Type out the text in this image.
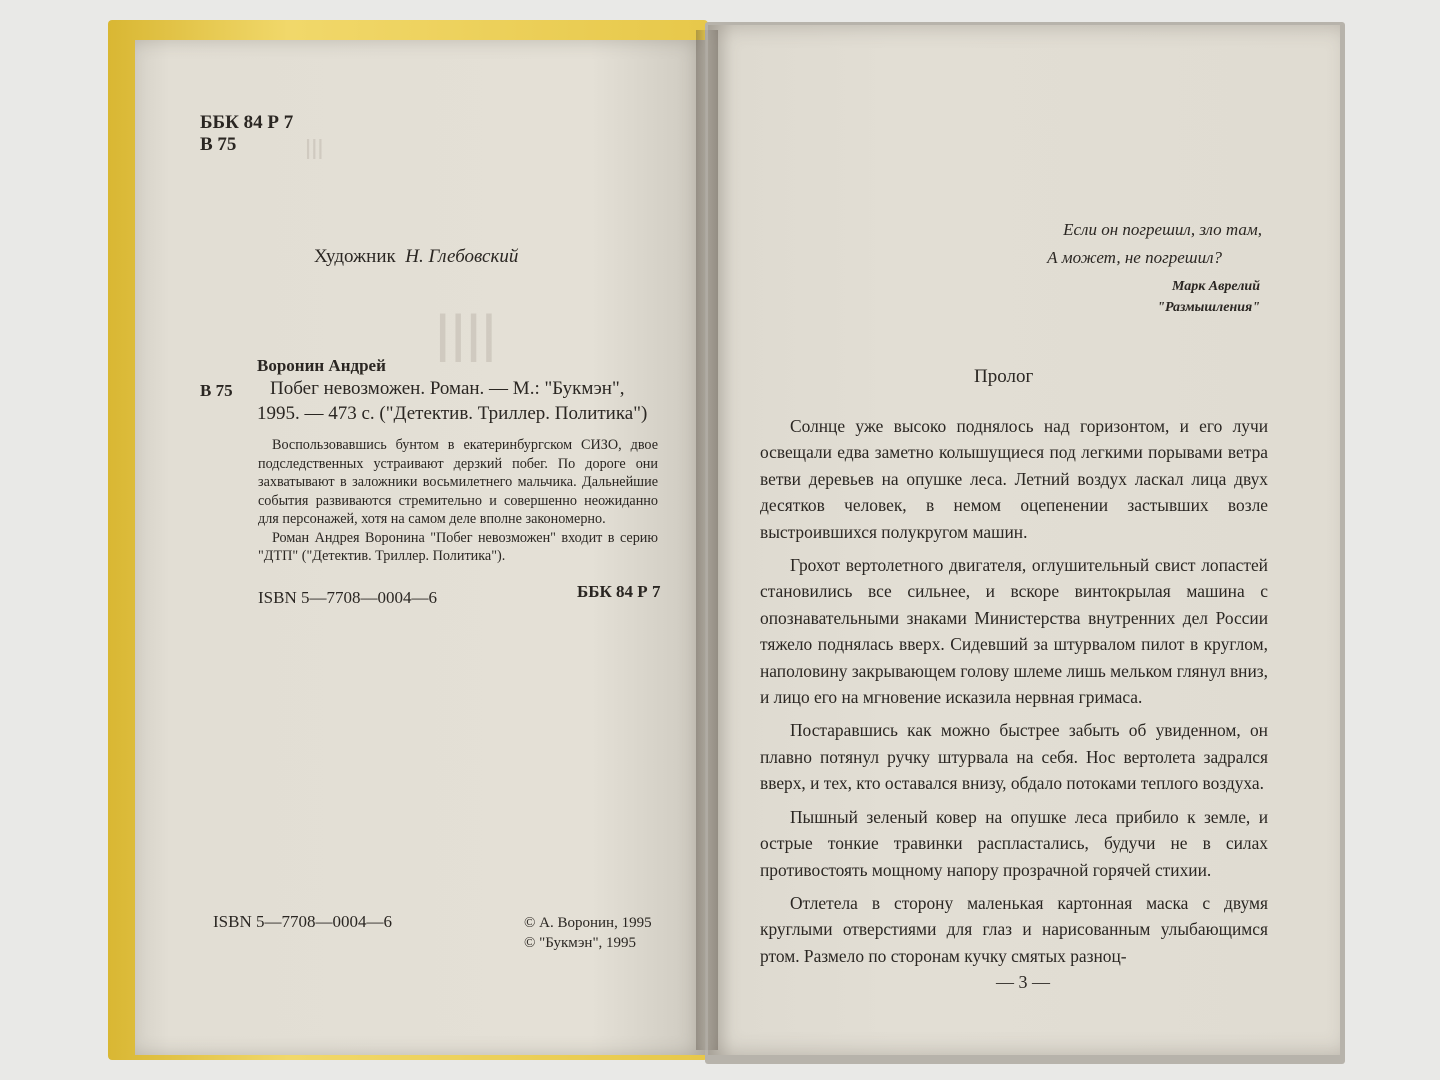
ǀǀǀ
ǀǀǀǀ
ББК 84 Р 7
В 75
Художник Н. Глебовский
Воронин Андрей
В 75 Побег невозможен. Роман. — М.: "Букмэн",
1995. — 473 с. ("Детектив. Триллер. Политика")

Воспользовавшись бунтом в екатеринбургском СИЗО, двое подследственных устраивают дерзкий побег. По дороге они захватывают в заложники восьмилетнего мальчика. Дальнейшие события развиваются стремительно и совершенно неожиданно для персонажей, хотя на самом деле вполне закономерно.

Роман Андрея Воронина "Побег невозможен" входит в серию "ДТП" ("Детектив. Триллер. Политика").

ISBN 5—7708—0004—6	ББК 84 Р 7
ISBN 5—7708—0004—6	© А. Воронин, 1995
© "Букмэн", 1995
Если он погрешил, зло там,
А может, не погрешил?
Марк Аврелий
"Размышления"
Пролог

Солнце уже высоко поднялось над горизонтом, и его лучи освещали едва заметно колышущиеся под легкими порывами ветра ветви деревьев на опушке леса. Летний воздух ласкал лица двух десятков человек, в немом оцепенении застывших возле выстроившихся полукругом машин.

Грохот вертолетного двигателя, оглушительный свист лопастей становились все сильнее, и вскоре винтокрылая машина с опознавательными знаками Министерства внутренних дел России тяжело поднялась вверх. Сидевший за штурвалом пилот в круглом, наполовину закрывающем голову шлеме лишь мельком глянул вниз, и лицо его на мгновение исказила нервная гримаса.

Постаравшись как можно быстрее забыть об увиденном, он плавно потянул ручку штурвала на себя. Нос вертолета задрался вверх, и тех, кто оставался внизу, обдало потоками теплого воздуха.

Пышный зеленый ковер на опушке леса прибило к земле, и острые тонкие травинки распластались, будучи не в силах противостоять мощному напору прозрачной горячей стихии.

Отлетела в сторону маленькая картонная маска с двумя круглыми отверстиями для глаз и нарисованным улыбающимся ртом. Размело по сторонам кучку смятых разноц-

— 3 —
